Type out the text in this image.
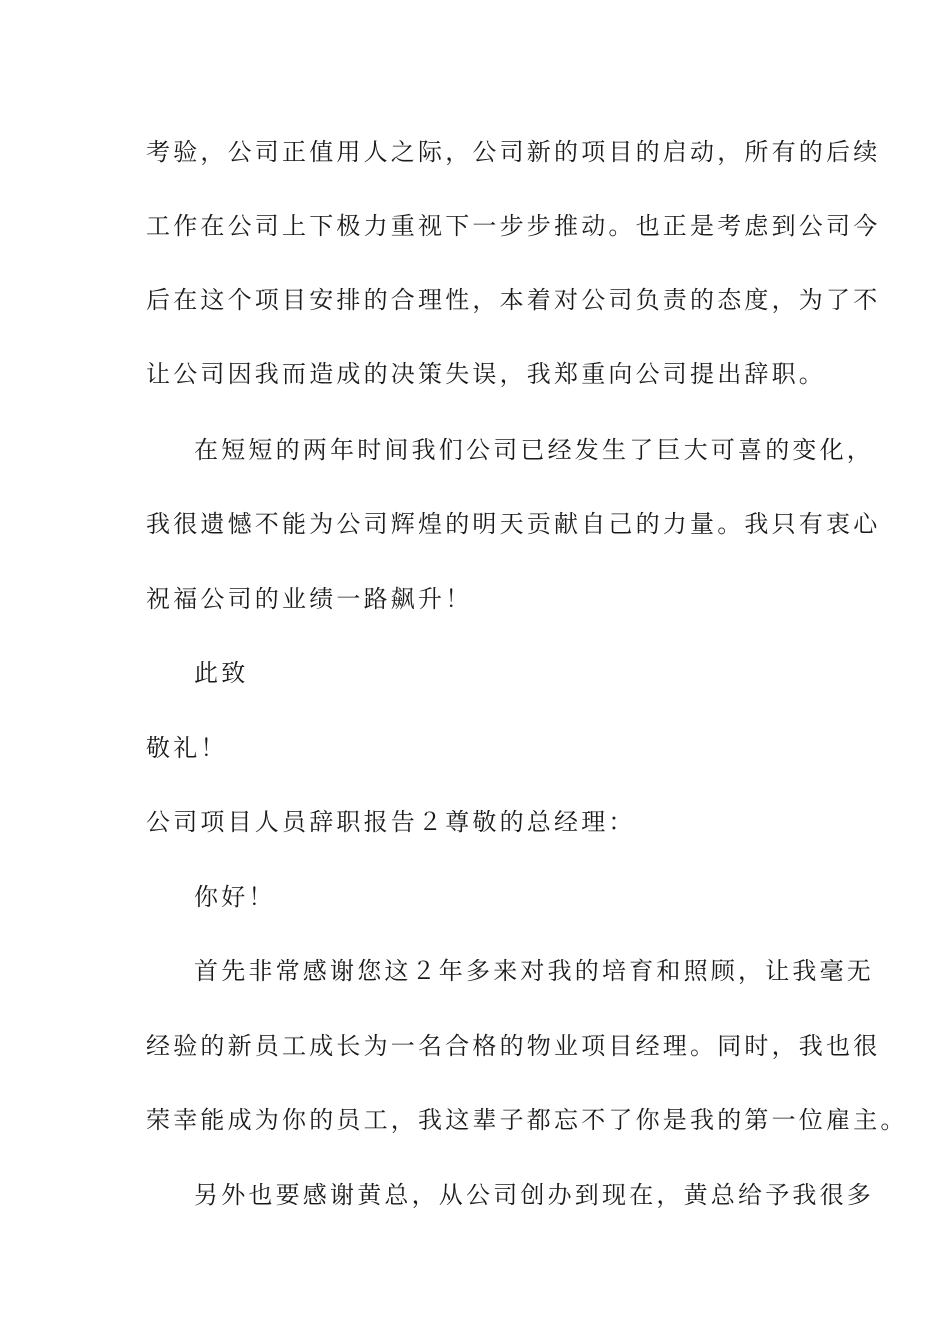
考验，公司正值用人之际，公司新的项目的启动，所有的后续
工作在公司上下极力重视下一步步推动。也正是考虑到公司今
后在这个项目安排的合理性，本着对公司负责的态度，为了不
让公司因我而造成的决策失误，我郑重向公司提出辞职。
在短短的两年时间我们公司已经发生了巨大可喜的变化，
我很遗憾不能为公司辉煌的明天贡献自己的力量。我只有衷心
祝福公司的业绩一路飙升！
此致
敬礼！
公司项目人员辞职报告２尊敬的总经理：
你好！
首先非常感谢您这２年多来对我的培育和照顾，让我毫无
经验的新员工成长为一名合格的物业项目经理。同时，我也很
荣幸能成为你的员工，我这辈子都忘不了你是我的第一位雇主。
另外也要感谢黄总，从公司创办到现在，黄总给予我很多
